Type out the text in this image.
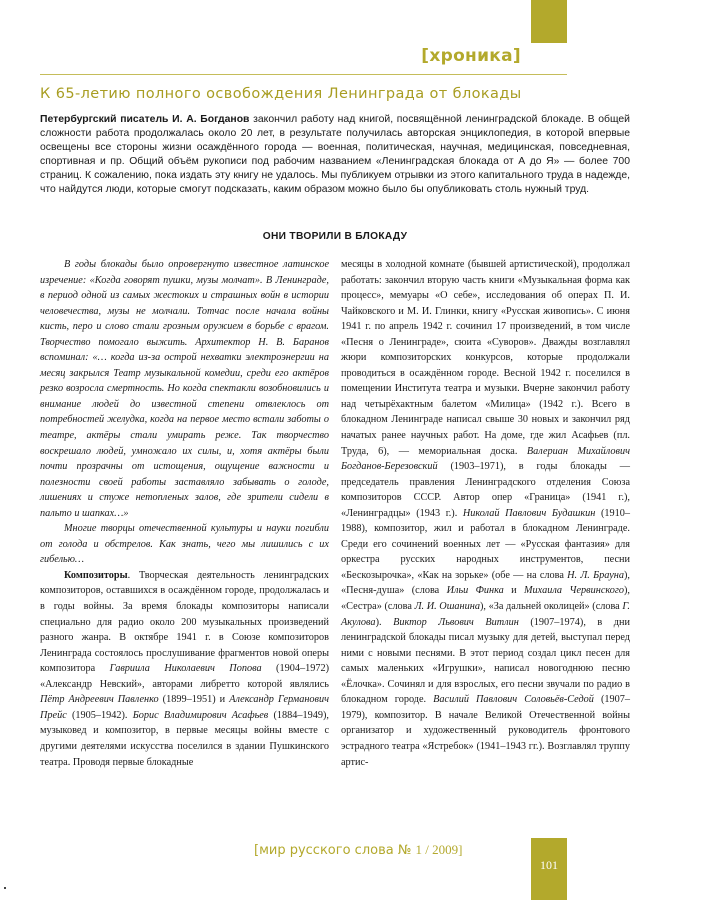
[хроника]
К 65-летию полного освобождения Ленинграда от блокады
Петербургский писатель И. А. Богданов закончил работу над книгой, посвящённой ленинградской блокаде. В общей сложности работа продолжалась около 20 лет, в результате получилась авторская энциклопедия, в которой впервые освещены все стороны жизни осаждённого города — военная, политическая, научная, медицинская, повседневная, спортивная и пр. Общий объём рукописи под рабочим названием «Ленинградская блокада от А до Я» — более 700 страниц. К сожалению, пока издать эту книгу не удалось. Мы публикуем отрывки из этого капитального труда в надежде, что найдутся люди, которые смогут подсказать, каким образом можно было бы опубликовать столь нужный труд.
ОНИ ТВОРИЛИ В БЛОКАДУ

В годы блокады было опровергнуто известное латинское изречение: «Когда говорят пушки, музы молчат». В Ленинграде, в период одной из самых жестоких и страшных войн в истории человечества, музы не молчали. Тотчас после начала войны кисть, перо и слово стали грозным оружием в борьбе с врагом. Творчество помогало выжить. Архитектор Н. В. Баранов вспоминал: «… когда из-за острой нехватки электроэнергии на месяц закрылся Театр музыкальной комедии, среди его актёров резко возросла смертность. Но когда спектакли возобновились и внимание людей до известной степени отвлеклось от потребностей желудка, когда на первое место встали заботы о театре, актёры стали умирать реже. Так творчество воскрешало людей, умножало их силы, и, хотя актёры были почти прозрачны от истощения, ощущение важности и полезности своей работы заставляло забывать о голоде, лишениях и стуже нетопленых залов, где зрители сидели в пальто и шапках…»

Многие творцы отечественной культуры и науки погибли от голода и обстрелов. Как знать, чего мы лишились с их гибелью…

Композиторы. Творческая деятельность ленинградских композиторов, оставшихся в осаждённом городе, продолжалась и в годы войны. За время блокады композиторы написали специально для радио около 200 музыкальных произведений разного жанра. В октябре 1941 г. в Союзе композиторов Ленинграда состоялось прослушивание фрагментов новой оперы композитора Гавриила Николаевич Попова (1904–1972) «Александр Невский», авторами либретто которой являлись Пётр Андреевич Павленко (1899–1951) и Александр Германович Прейс (1905–1942). Борис Владимирович Асафьев (1884–1949), музыковед и композитор, в первые месяцы войны вместе с другими деятелями искусства поселился в здании Пушкинского театра. Проводя первые блокадные

месяцы в холодной комнате (бывшей артистической), продолжал работать: закончил вторую часть книги «Музыкальная форма как процесс», мемуары «О себе», исследования об операх П. И. Чайковского и М. И. Глинки, книгу «Русская живопись». С июня 1941 г. по апрель 1942 г. сочинил 17 произведений, в том числе «Песня о Ленинграде», сюита «Суворов». Дважды возглавлял жюри композиторских конкурсов, которые продолжали проводиться в осаждённом городе. Весной 1942 г. поселился в помещении Института театра и музыки. Вчерне закончил работу над четырёхактным балетом «Милица» (1942 г.). Всего в блокадном Ленинграде написал свыше 30 новых и закончил ряд начатых ранее научных работ. На доме, где жил Асафьев (пл. Труда, 6), — мемориальная доска. Валериан Михайлович Богданов-Березовский (1903–1971), в годы блокады — председатель правления Ленинградского отделения Союза композиторов СССР. Автор опер «Граница» (1941 г.), «Ленинградцы» (1943 г.). Николай Павлович Будашкин (1910–1988), композитор, жил и работал в блокадном Ленинграде. Среди его сочинений военных лет — «Русская фантазия» для оркестра русских народных инструментов, песни «Бескозырочка», «Как на зорьке» (обе — на слова Н. Л. Брауна), «Песня-душа» (слова Ильи Финка и Михаила Червинского), «Сестра» (слова Л. И. Ошанина), «За дальней околицей» (слова Г. Акулова). Виктор Львович Витлин (1907–1974), в дни ленинградской блокады писал музыку для детей, выступал перед ними с новыми песнями. В этот период создал цикл песен для самых маленьких «Игрушки», написал новогоднюю песню «Ёлочка». Сочинял и для взрослых, его песни звучали по радио в блокадном городе. Василий Павлович Соловьёв-Седой (1907–1979), композитор. В начале Великой Отечественной войны организатор и художественный руководитель фронтового эстрадного театра «Ястребок» (1941–1943 гг.). Возглавлял труппу артис-

[мир русского слова № 1 / 2009]
101
